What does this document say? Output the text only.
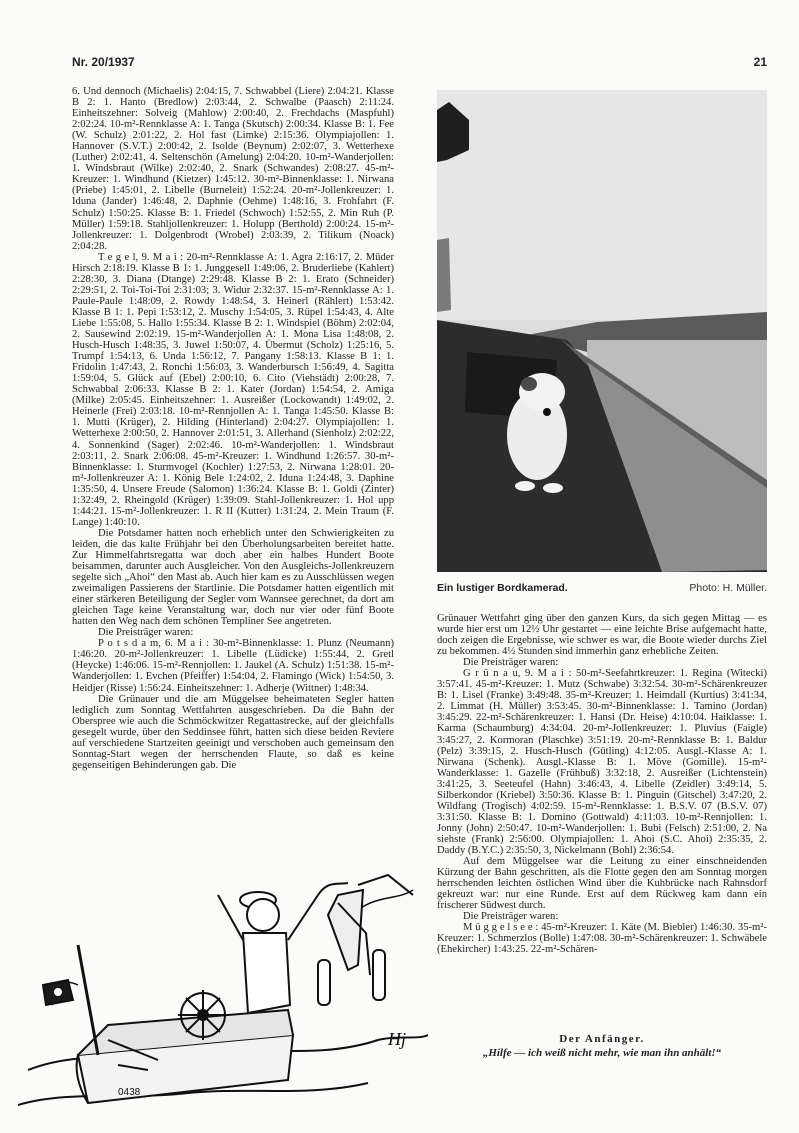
Nr. 20/1937	21

6. Und dennoch (Michaelis) 2:04:15, 7. Schwabbel (Liere) 2:04:21. Klasse B 2: 1. Hanto (Bredlow) 2:03:44, 2. Schwalbe (Paasch) 2:11:24. Einheitszehner: Solveig (Mahlow) 2:00:40, 2. Frechdachs (Maspfuhl) 2:02:24. 10-m²-Rennklasse A: 1. Tanga (Skutsch) 2:00:34. Klasse B: 1. Fee (W. Schulz) 2:01:22, 2. Hol fast (Limke) 2:15:36. Olympiajollen: 1. Hannover (S.V.T.) 2:00:42, 2. Isolde (Beynum) 2:02:07, 3. Wetterhexe (Luther) 2:02:41, 4. Seltenschön (Amelung) 2:04:20. 10-m²-Wanderjollen: 1. Windsbraut (Wilke) 2:02:40, 2. Snark (Schwandes) 2:08:27. 45-m²-Kreuzer: 1. Windhund (Kietzer) 1:45:12. 30-m²-Binnenklasse: 1. Nirwana (Priebe) 1:45:01, 2. Libelle (Burneleit) 1:52:24. 20-m²-Jollenkreuzer: 1. Iduna (Jander) 1:46:48, 2. Daphnie (Oehme) 1:48:16, 3. Frohfahrt (F. Schulz) 1:50:25. Klasse B: 1. Friedel (Schwoch) 1:52:55, 2. Min Ruh (P. Müller) 1:59:18. Stahljollenkreuzer: 1. Holupp (Berthold) 2:00:24. 15-m²-Jollenkreuzer: 1. Dolgenbrodt (Wrobel) 2:03:39, 2. Tilikum (Noack) 2:04:28.

T e g e l, 9. M a i : 20-m²-Rennklasse A: 1. Agra 2:16:17, 2. Müder Hirsch 2:18:19. Klasse B 1: 1. Junggesell 1:49:06, 2. Bruderliebe (Kahlert) 2:28:30, 3. Diana (Dtange) 2:29:48. Klasse B 2: 1. Erato (Schneider) 2:29:51, 2. Toi-Toi-Toi 2:31:03; 3. Widur 2:32:37. 15-m²-Rennklasse A: 1. Paule-Paule 1:48:09, 2. Rowdy 1:48:54, 3. Heinerl (Rählert) 1:53:42. Klasse B 1: 1. Pepi 1:53:12, 2. Muschy 1:54:05, 3. Rüpel 1:54:43, 4. Alte Liebe 1:55:08, 5. Hallo 1:55:34. Klasse B 2: 1. Windspiel (Böhm) 2:02:04, 2. Sausewind 2:02:19. 15-m²-Wanderjollen A: 1. Mona Lisa 1:48:08, 2. Husch-Husch 1:48:35, 3. Juwel 1:50:07, 4. Übermut (Scholz) 1:25:16, 5. Trumpf 1:54:13, 6. Unda 1:56:12, 7. Pangany 1:58:13. Klasse B 1: 1. Fridolin 1:47:43, 2. Ronchi 1:56:03, 3. Wanderbursch 1:56:49, 4. Sagitta 1:59:04, 5. Glück auf (Ebel) 2:00:10, 6. Cito (Viehstädt) 2:00:28, 7. Schwabbal 2:06:33. Klasse B 2: 1. Kater (Jordan) 1:54:54, 2. Amiga (Milke) 2:05:45. Einheitszehner: 1. Ausreißer (Lockowandt) 1:49:02, 2. Heinerle (Frei) 2:03:18. 10-m²-Rennjollen A: 1. Tanga 1:45:50. Klasse B: 1. Mutti (Krüger), 2. Hilding (Hinterland) 2:04:27. Olympiajollen: 1. Wetterhexe 2:00:50, 2. Hannover 2:01:51, 3. Allerhand (Sienholz) 2:02:22, 4. Sonnenkind (Sager) 2:02:46. 10-m²-Wanderjollen: 1. Windsbraut 2:03:11, 2. Snark 2:06:08. 45-m²-Kreuzer: 1. Windhund 1:26:57. 30-m²-Binnenklasse: 1. Sturmvogel (Kochler) 1:27:53, 2. Nirwana 1:28:01. 20-m²-Jollenkreuzer A: 1. König Bele 1:24:02, 2. Iduna 1:24:48, 3. Daphine 1:35:50, 4. Unsere Freude (Salomon) 1:36:24. Klasse B: 1. Goldi (Zinter) 1:32:49, 2. Rheingold (Krüger) 1:39:09. Stahl-Jollenkreuzer: 1. Hol upp 1:44:21. 15-m²-Jollenkreuzer: 1. R II (Kutter) 1:31:24, 2. Mein Traum (F. Lange) 1:40:10.

Die Potsdamer hatten noch erheblich unter den Schwierigkeiten zu leiden, die das kalte Frühjahr bei den Überholungsarbeiten bereitet hatte. Zur Himmelfahrtsregatta war doch aber ein halbes Hundert Boote beisammen, darunter auch Ausgleicher. Von den Ausgleichs-Jollenkreuzern segelte sich „Ahoi“ den Mast ab. Auch hier kam es zu Ausschlüssen wegen zweimaligen Passierens der Startlinie. Die Potsdamer hatten eigentlich mit einer stärkeren Beteiligung der Segler vom Wannsee gerechnet, da dort am gleichen Tage keine Veranstaltung war, doch nur vier oder fünf Boote hatten den Weg nach dem schönen Templiner See angetreten.

Die Preisträger waren:

P o t s d a m, 6. M a i : 30-m²-Binnenklasse: 1. Plunz (Neumann) 1:46:20. 20-m²-Jollenkreuzer: 1. Libelle (Lüdicke) 1:55:44, 2. Gretl (Heycke) 1:46:06. 15-m²-Rennjollen: 1. Jaukel (A. Schulz) 1:51:38. 15-m²-Wanderjollen: 1. Evchen (Pfeiffer) 1:54:04, 2. Flamingo (Wick) 1:54:50, 3. Heidjer (Risse) 1:56:24. Einheitszehner: 1. Adherje (Wittner) 1:48:34.

Die Grünauer und die am Müggelsee beheimateten Segler hatten lediglich zum Sonntag Wettfahrten ausgeschrieben. Da die Bahn der Oberspree wie auch die Schmöckwitzer Regattastrecke, auf der gleichfalls gesegelt wurde, über den Seddinsee führt, hatten sich diese beiden Reviere auf verschiedene Startzeiten geeinigt und verschoben auch gemeinsam den Sonntag-Start wegen der herrschenden Flaute, so daß es keine gegenseitigen Behinderungen gab. Die

Ein lustiger Bordkamerad.	Photo: H. Müller.

Grünauer Wettfahrt ging über den ganzen Kurs, da sich gegen Mittag — es wurde hier erst um 12½ Uhr gestartet — eine leichte Brise aufgemacht hatte, doch zeigen die Ergebnisse, wie schwer es war, die Boote wieder durchs Ziel zu bekommen. 4½ Stunden sind immerhin ganz erhebliche Zeiten.

Die Preisträger waren:

G r ü n a u, 9. M a i : 50-m²-Seefahrtkreuzer: 1. Regina (Witecki) 3:57:41. 45-m²-Kreuzer: 1. Mutz (Schwabe) 3:32:54. 30-m²-Schärenkreuzer B: 1. Lisel (Franke) 3:49:48. 35-m²-Kreuzer: 1. Heimdall (Kurtius) 3:41:34, 2. Limmat (H. Müller) 3:53:45. 30-m²-Binnenklasse: 1. Tamino (Jordan) 3:45:29. 22-m²-Schärenkreuzer: 1. Hansi (Dr. Heise) 4:10:04. Haiklasse: 1. Karma (Schaumburg) 4:34:04. 20-m²-Jollenkreuzer: 1. Pluvius (Faigle) 3:45:27, 2. Kormoran (Plaschke) 3:51:19. 20-m²-Rennklasse B: 1. Baldur (Pelz) 3:39:15, 2. Husch-Husch (Gütling) 4:12:05. Ausgl.-Klasse A: 1. Nirwana (Schenk). Ausgl.-Klasse B: 1. Möve (Gomille). 15-m²-Wanderklasse: 1. Gazelle (Frühbuß) 3:32:18, 2. Ausreißer (Lichtenstein) 3:41:25, 3. Seeteufel (Hahn) 3:46:43, 4. Libelle (Zeidler) 3:49:14, 5. Silberkondor (Kriebel) 3:50:36. Klasse B: 1. Pinguin (Gitschel) 3:47:20, 2. Wildfang (Trogisch) 4:02:59. 15-m²-Rennklasse: 1. B.S.V. 07 (B.S.V. 07) 3:31:50. Klasse B: 1. Domino (Gottwald) 4:11:03. 10-m²-Rennjollen: 1. Jonny (John) 2:50:47. 10-m²-Wanderjollen: 1. Bubi (Felsch) 2:51:00, 2. Na siehste (Frank) 2:56:00. Olympiajollen: 1. Ahoi (S.C. Ahoi) 2:35:35, 2. Daddy (B.Y.C.) 2:35:50, 3, Nickelmann (Bohl) 2:36:54.

Auf dem Müggelsee war die Leitung zu einer einschneidenden Kürzung der Bahn geschritten, als die Flotte gegen den am Sonntag morgen herrschenden leichten östlichen Wind über die Kuhbrücke nach Rahnsdorf gekreuzt war: nur eine Runde. Erst auf dem Rückweg kam dann ein frischerer Südwest durch.

Die Preisträger waren:

M ü g g e l s e e : 45-m²-Kreuzer: 1. Käte (M. Biebler) 1:46:30. 35-m²-Kreuzer: 1. Schmerzlos (Bolle) 1:47:08. 30-m²-Schärenkreuzer: 1. Schwäbele (Ehekircher) 1:43:25. 22-m²-Schären-

0438
Hj	Der Anfänger.
„Hilfe — ich weiß nicht mehr, wie man ihn anhält!“
